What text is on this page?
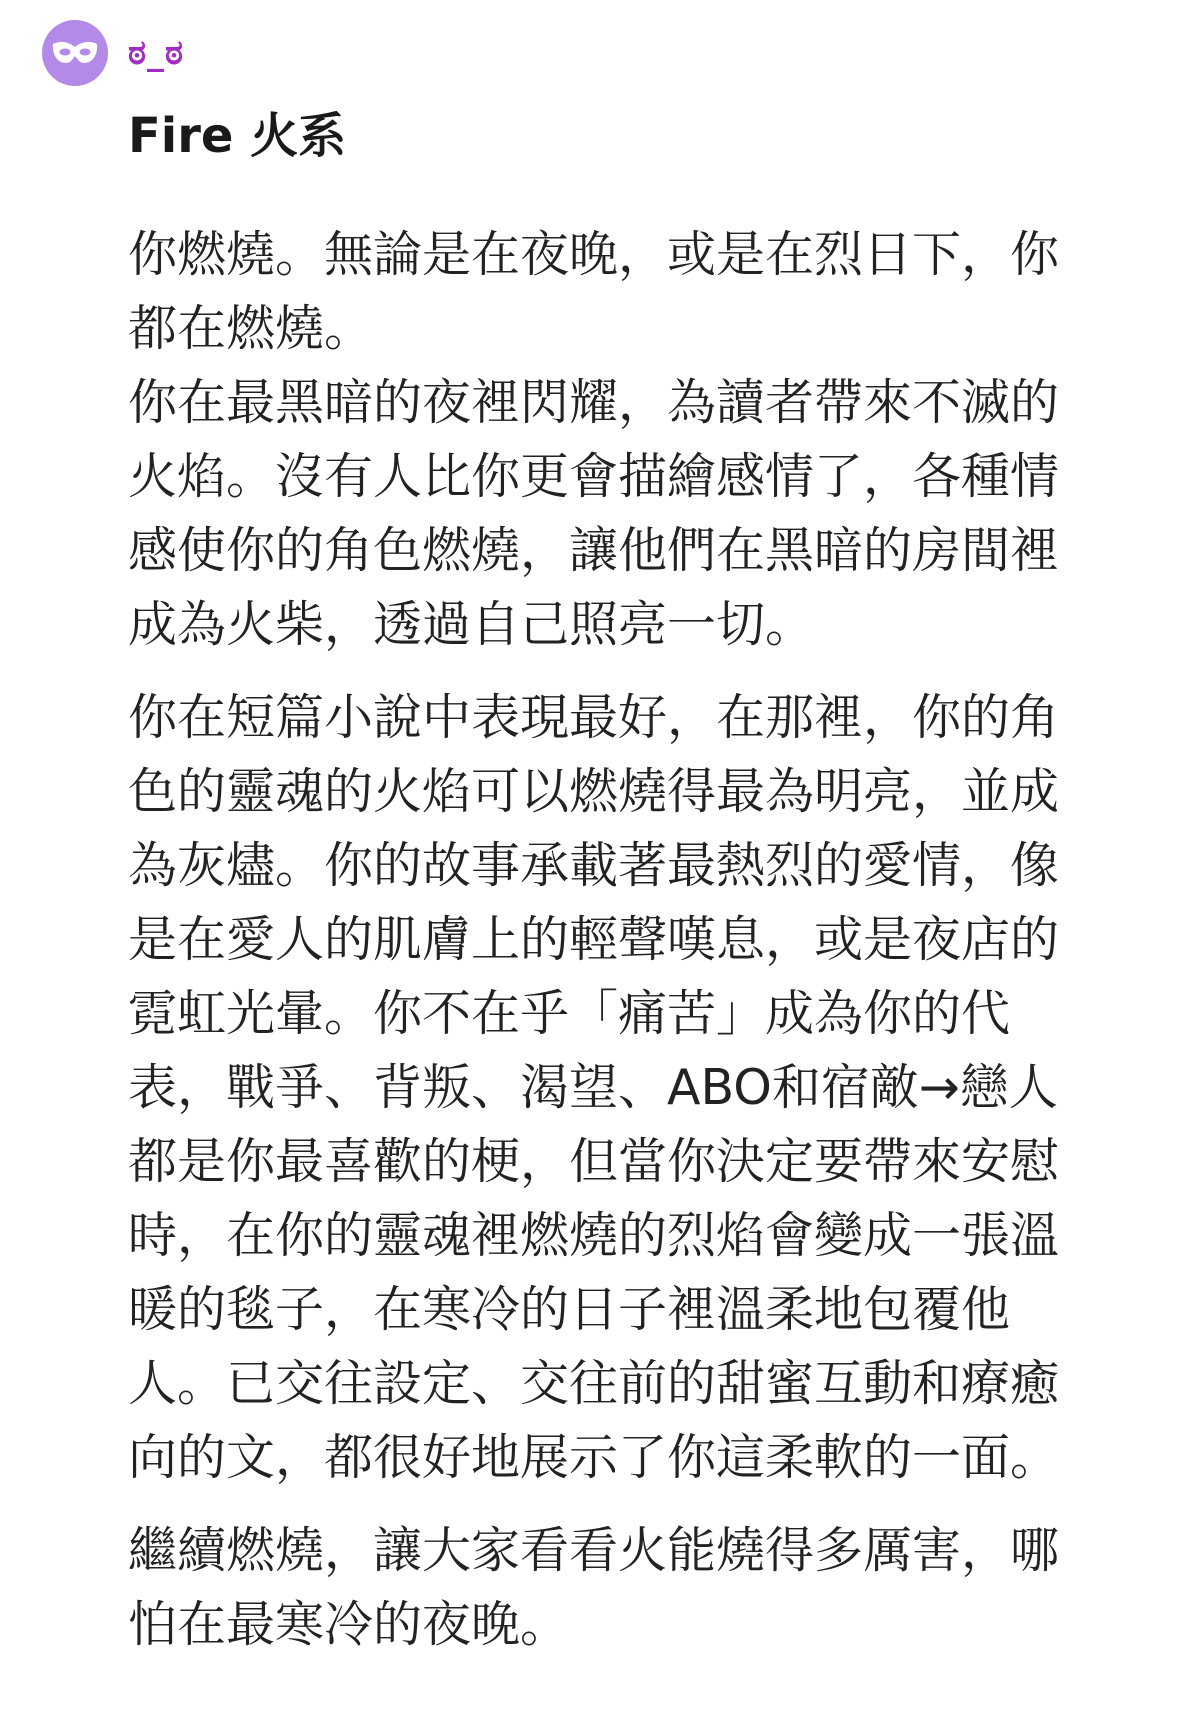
ಠ_ಠ
Fire 火系

你燃燒。無論是在夜晚，或是在烈日下，你
都在燃燒。
你在最黑暗的夜裡閃耀，為讀者帶來不滅的
火焰。沒有人比你更會描繪感情了，各種情
感使你的角色燃燒，讓他們在黑暗的房間裡
成為火柴，透過自己照亮一切。

你在短篇小說中表現最好，在那裡，你的角
色的靈魂的火焰可以燃燒得最為明亮，並成
為灰燼。你的故事承載著最熱烈的愛情，像
是在愛人的肌膚上的輕聲嘆息，或是夜店的
霓虹光暈。你不在乎「痛苦」成為你的代
表，戰爭、背叛、渴望、ABO和宿敵→戀人
都是你最喜歡的梗，但當你決定要帶來安慰
時，在你的靈魂裡燃燒的烈焰會變成一張溫
暖的毯子，在寒冷的日子裡溫柔地包覆他
人。已交往設定、交往前的甜蜜互動和療癒
向的文，都很好地展示了你這柔軟的一面。

繼續燃燒，讓大家看看火能燒得多厲害，哪
怕在最寒冷的夜晚。
